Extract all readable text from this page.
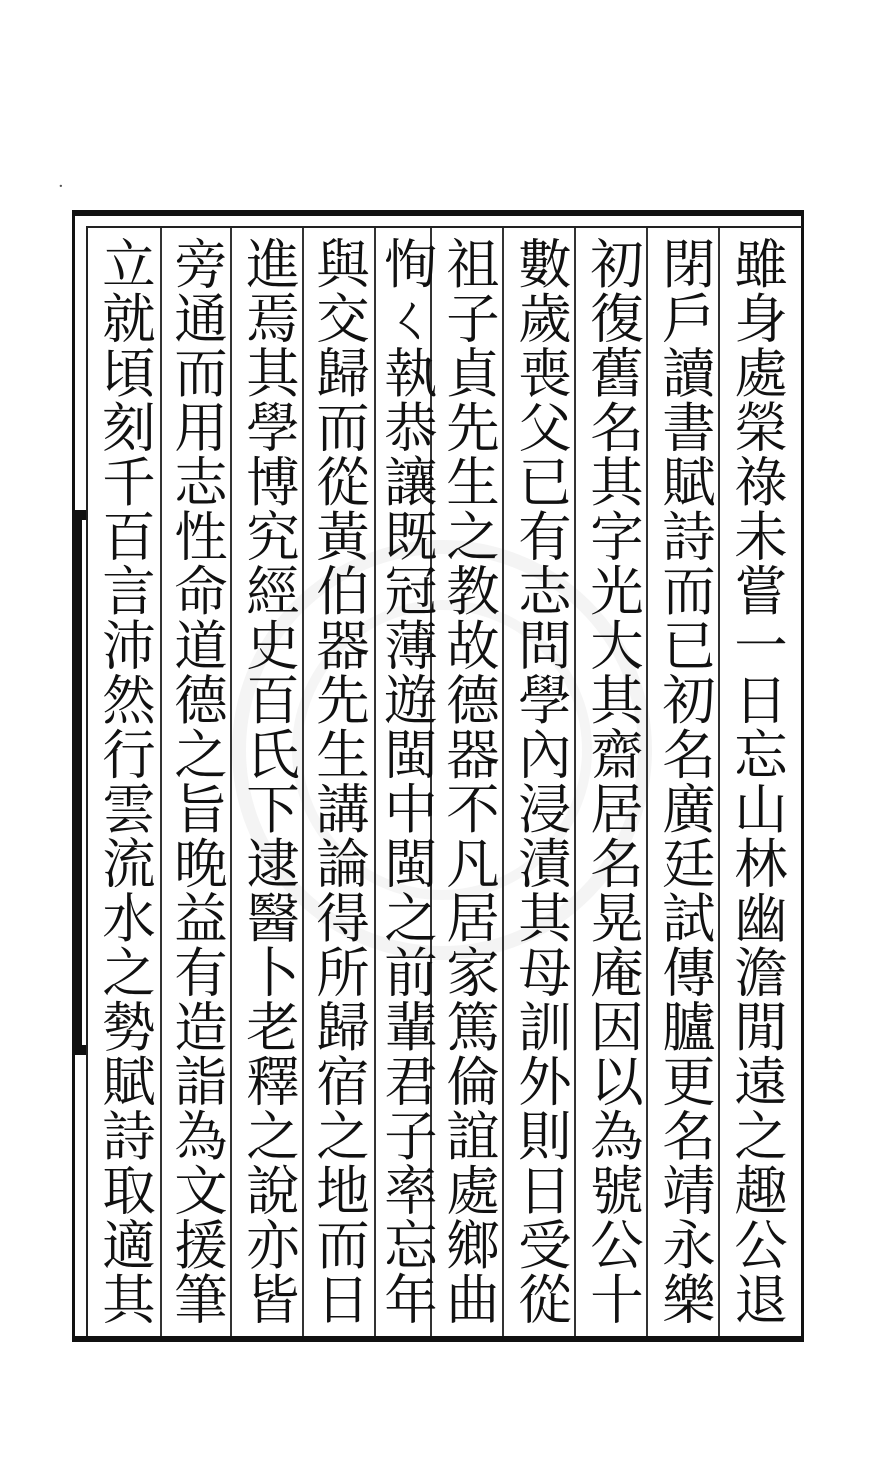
·
雖身處榮祿未嘗一日忘山林幽澹閒遠之趣公退
閉戶讀書賦詩而已初名廣廷試傳臚更名靖永樂
初復舊名其字光大其齋居名晃庵因以為號公十
數歲喪父已有志問學內浸漬其母訓外則日受從
祖子貞先生之教故德器不凡居家篤倫誼處鄉曲
恂ㄑ執恭讓既冠薄遊閩中閩之前輩君子率忘年
與交歸而從黃伯器先生講論得所歸宿之地而日
進焉其學博究經史百氏下逮醫卜老釋之說亦皆
旁通而用志性命道德之旨晚益有造詣為文援筆
立就頃刻千百言沛然行雲流水之勢賦詩取適其
